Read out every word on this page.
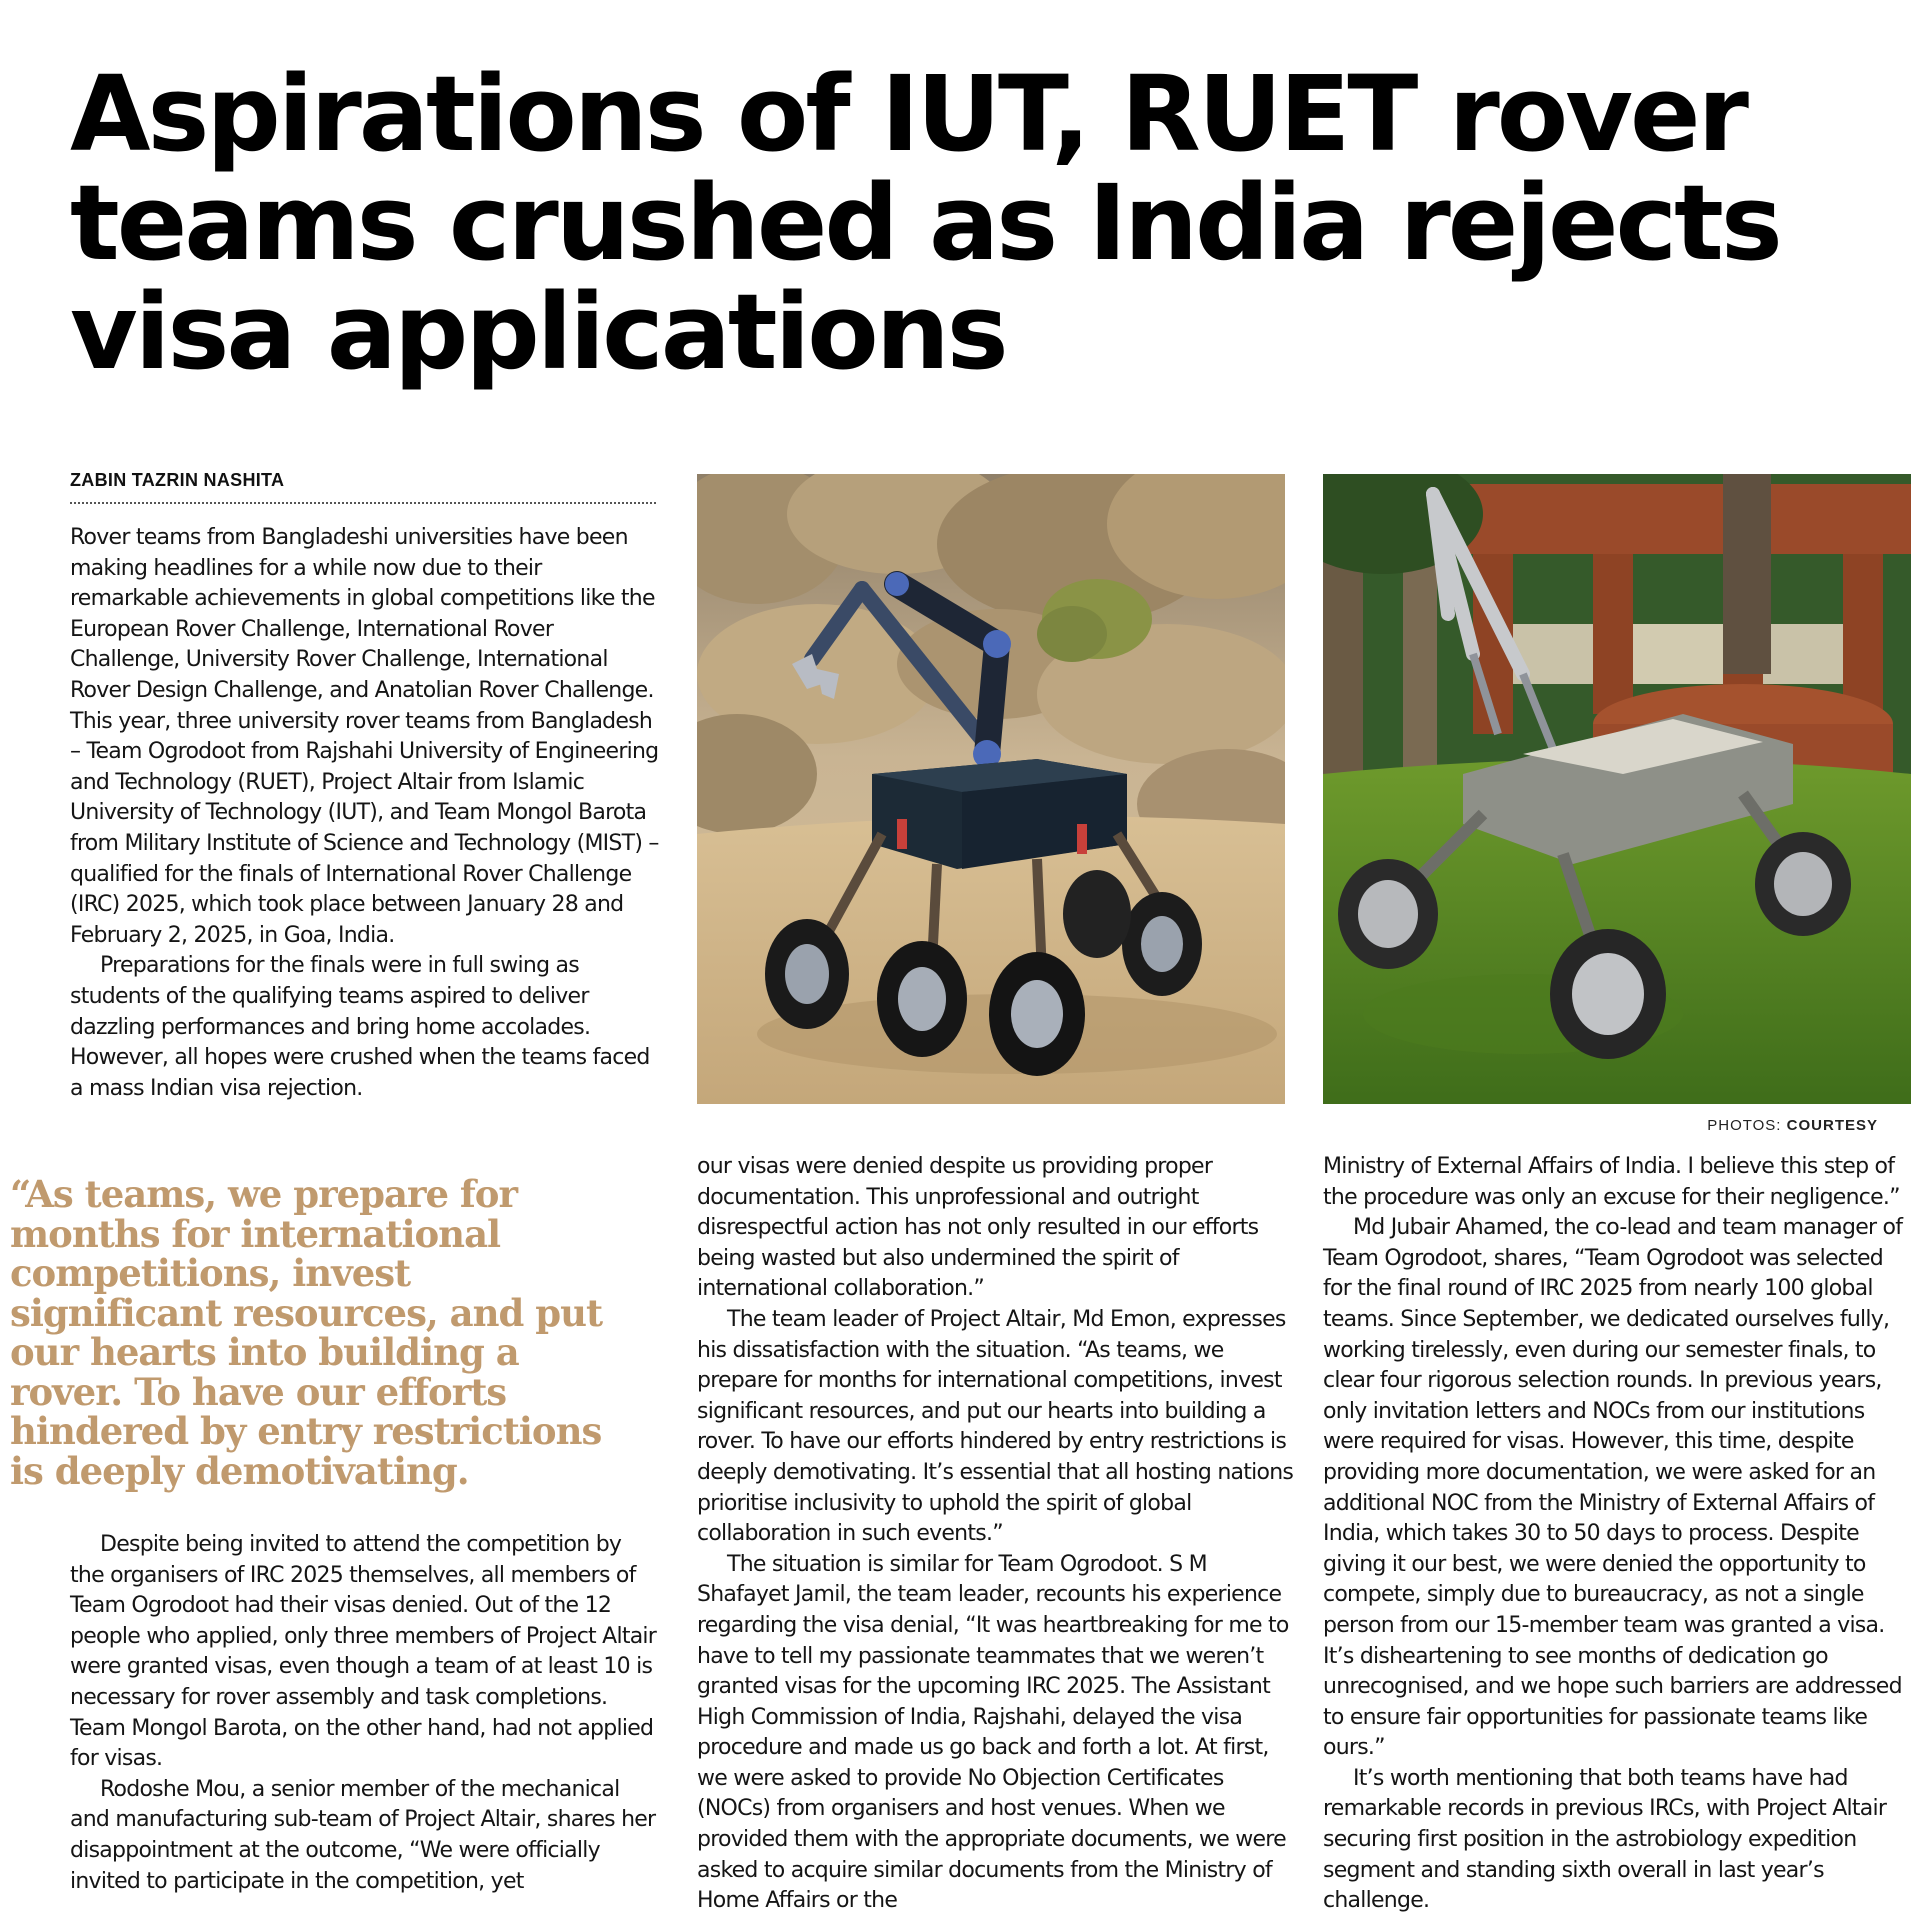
Aspirations of IUT, RUET rover teams crushed as India rejects visa applications
ZABIN TAZRIN NASHITA

Rover teams from Bangladeshi universities have been making headlines for a while now due to their remarkable achievements in global competitions like the European Rover Challenge, International Rover Challenge, University Rover Challenge, International Rover Design Challenge, and Anatolian Rover Challenge. This year, three university rover teams from Bangladesh – Team Ogrodoot from Rajshahi University of Engineering and Technology (RUET), Project Altair from Islamic University of Technology (IUT), and Team Mongol Barota from Military Institute of Science and Technology (MIST) – qualified for the finals of International Rover Challenge (IRC) 2025, which took place between January 28 and February 2, 2025, in Goa, India.

Preparations for the finals were in full swing as students of the qualifying teams aspired to deliver dazzling performances and bring home accolades. However, all hopes were crushed when the teams faced a mass Indian visa rejection.

“As teams, we prepare for months for international competitions, invest significant resources, and put our hearts into building a rover. To have our efforts hindered by entry restrictions is deeply demotivating.

Despite being invited to attend the competition by the organisers of IRC 2025 themselves, all members of Team Ogrodoot had their visas denied. Out of the 12 people who applied, only three members of Project Altair were granted visas, even though a team of at least 10 is necessary for rover assembly and task completions. Team Mongol Barota, on the other hand, had not applied for visas.

Rodoshe Mou, a senior member of the mechanical and manufacturing sub-team of Project Altair, shares her disappointment at the outcome, “We were officially invited to participate in the competition, yet

PHOTOS: COURTESY

our visas were denied despite us providing proper documentation. This unprofessional and outright disrespectful action has not only resulted in our efforts being wasted but also undermined the spirit of international collaboration.”

The team leader of Project Altair, Md Emon, expresses his dissatisfaction with the situation. “As teams, we prepare for months for international competitions, invest significant resources, and put our hearts into building a rover. To have our efforts hindered by entry restrictions is deeply demotivating. It’s essential that all hosting nations prioritise inclusivity to uphold the spirit of global collaboration in such events.”

The situation is similar for Team Ogrodoot. S M Shafayet Jamil, the team leader, recounts his experience regarding the visa denial, “It was heartbreaking for me to have to tell my passionate teammates that we weren’t granted visas for the upcoming IRC 2025. The Assistant High Commission of India, Rajshahi, delayed the visa procedure and made us go back and forth a lot. At first, we were asked to provide No Objection Certificates (NOCs) from organisers and host venues. When we provided them with the appropriate documents, we were asked to acquire similar documents from the Ministry of Home Affairs or the

Ministry of External Affairs of India. I believe this step of the procedure was only an excuse for their negligence.”

Md Jubair Ahamed, the co-lead and team manager of Team Ogrodoot, shares, “Team Ogrodoot was selected for the final round of IRC 2025 from nearly 100 global teams. Since September, we dedicated ourselves fully, working tirelessly, even during our semester finals, to clear four rigorous selection rounds. In previous years, only invitation letters and NOCs from our institutions were required for visas. However, this time, despite providing more documentation, we were asked for an additional NOC from the Ministry of External Affairs of India, which takes 30 to 50 days to process. Despite giving it our best, we were denied the opportunity to compete, simply due to bureaucracy, as not a single person from our 15-member team was granted a visa. It’s disheartening to see months of dedication go unrecognised, and we hope such barriers are addressed to ensure fair opportunities for passionate teams like ours.”

It’s worth mentioning that both teams have had remarkable records in previous IRCs, with Project Altair securing first position in the astrobiology expedition segment and standing sixth overall in last year’s challenge.
